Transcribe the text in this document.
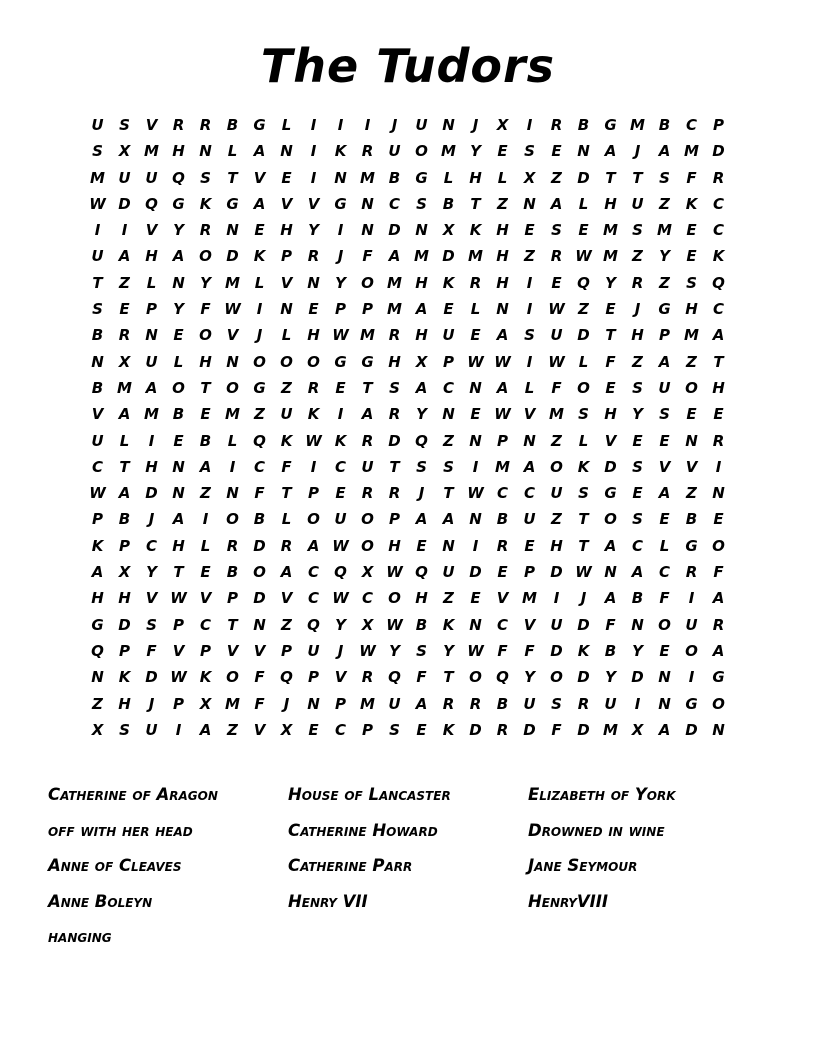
The Tudors
U	S	V	R	R	B	G	L	I	I	I	J	U N	J	X	I	R	B	G M B	C	P
S	X M H N	L	A N	I	K	R	U O M Y	E	S	E	N A	J	A M D
M U U Q	S	T	V	E	I	N M B	G	L	H	L	X	Z	D	T	T	S	F	R
W D Q G	K	G	A	V	V	G N	C	S	B	T	Z	N A	L	H U	Z	K	C
I	I	V	Y	R N	E	H	Y	I	N D N X	K H	E	S	E M S M E	C
U	A H A O D K	P	R	J	F	A M D M H	Z	R W M Z	Y	E	K
T	Z	L	N	Y M L	V N	Y	O M H K	R H	I	E	Q	Y	R	Z	S	Q
S	E	P	Y	F W	I	N	E	P	P M A	E	L	N	I	W Z	E	J	G H	C
B	R N	E	O V	J	L	H W M R H U	E	A	S	U D	T	H	P M A
N X	U	L	H N O O O G G H X	P W W	I	W L	F	Z	A	Z	T
B M A O	T	O G	Z	R	E	T	S	A	C	N A	L	F	O	E	S	U O H
V	A M B	E M Z	U	K	I	A	R	Y	N	E W V M S	H	Y	S	E	E
U	L	I	E	B	L	Q K W K	R D Q	Z	N	P	N	Z	L	V	E	E	N R
C	T	H N A	I	C	F	I	C	U	T	S	S	I	M A O K D	S	V	V	I
W A D N	Z	N	F	T	P	E	R	R	J	T W C	C	U	S	G	E	A	Z	N
P	B	J	A	I	O B	L	O U O	P	A	A N	B	U	Z	T	O	S	E	B	E
K	P	C	H	L	R D	R	A W O H	E	N	I	R	E	H	T	A	C	L	G O
A	X	Y	T	E	B O A	C	Q X W Q U D	E	P	D W N A	C	R	F
H H V W V	P	D V	C W C	O H	Z	E	V M	I	J	A	B	F	I	A
G D	S	P	C	T	N	Z	Q	Y	X W B	K N	C	V	U D	F	N O U	R
Q	P	F	V	P	V	V	P	U	J	W Y	S	Y W F	F	D K	B	Y	E	O A
N K D W K O	F	Q	P	V	R Q	F	T	O Q	Y	O D	Y	D N	I	G
Z	H	J	P	X M F	J	N	P M U	A	R	R	B	U	S	R	U	I	N G O
X	S	U	I	A	Z	V	X	E	C	P	S	E	K D	R D	F	D M X	A D N
Catherine of Aragon	House of Lancaster	Elizabeth of York
off with her head	Catherine Howard	Drowned in wine
Anne of Cleaves	Catherine Parr	Jane Seymour
Anne Boleyn	Henry VII	HenryVIII
hanging
